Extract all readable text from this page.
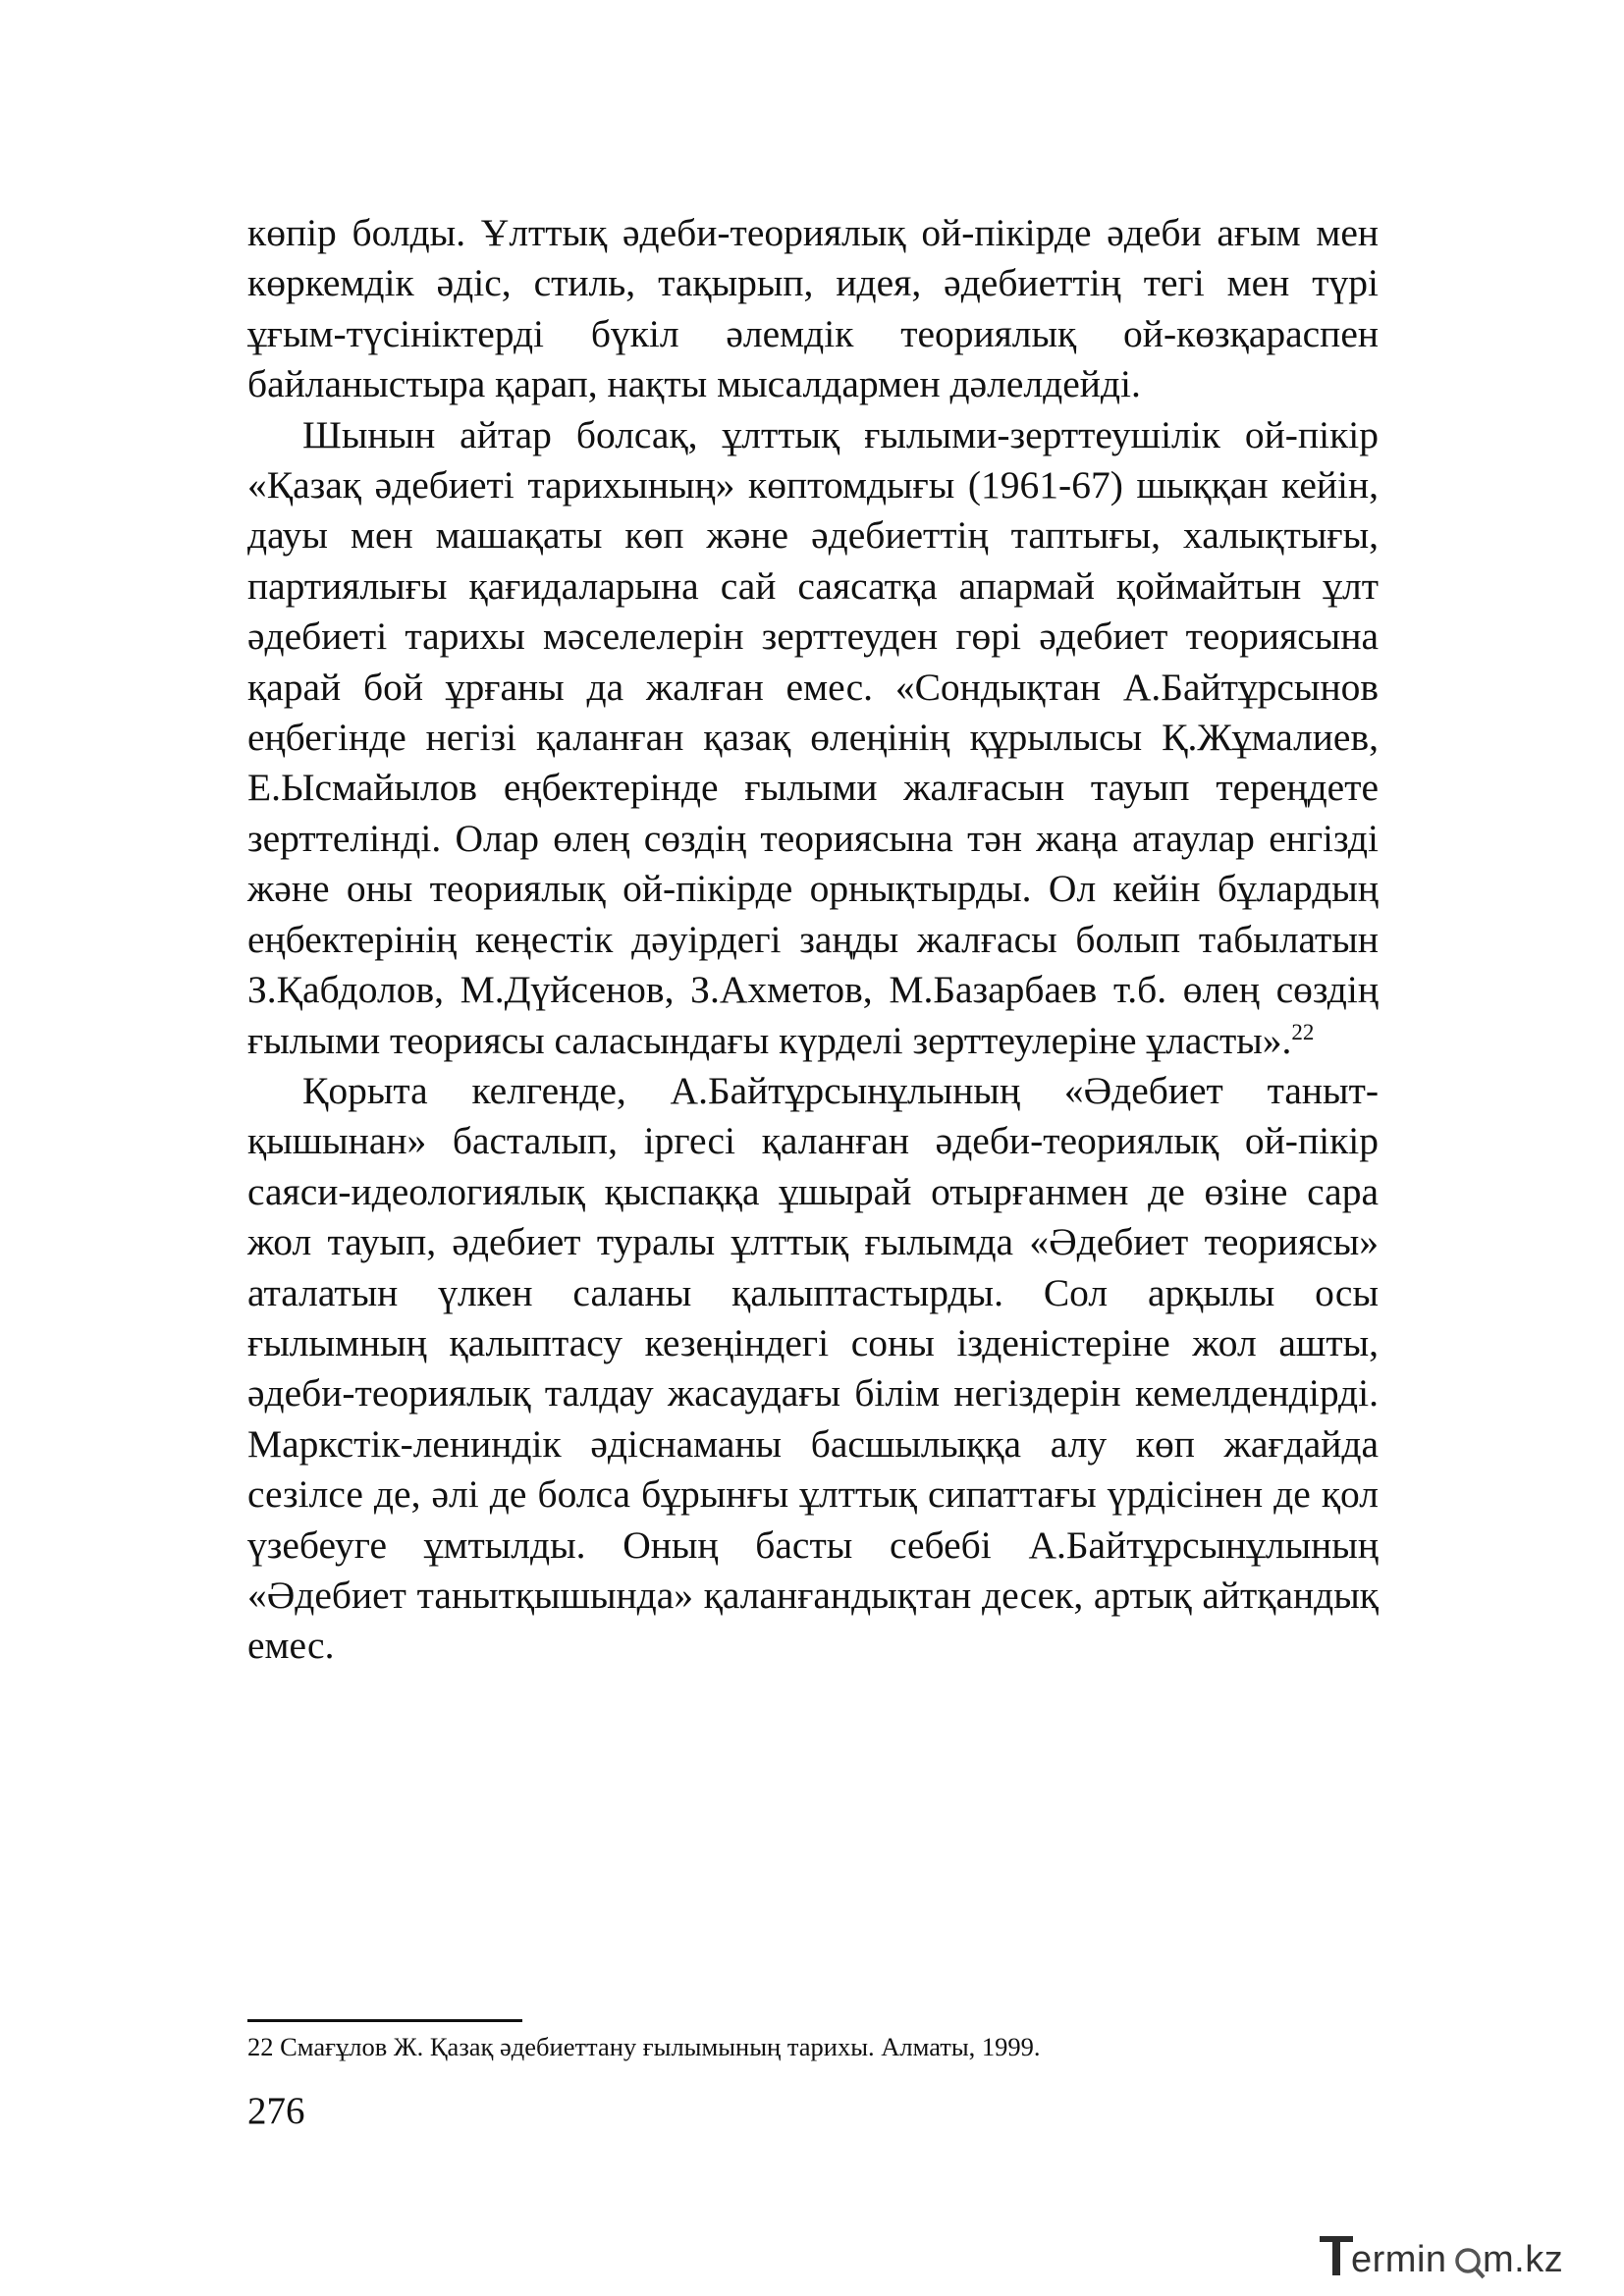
көпір болды. Ұлттық әдеби-теориялық ой-пікірде әдеби ағым мен көркемдік әдіс, стиль, тақырып, идея, әдебиеттің тегі мен түрі ұғым-түсініктерді бүкіл әлемдік теориялық ой-көзқараспен байланыстыра қарап, нақты мысалдармен дәлелдейді.

Шынын айтар болсақ, ұлттық ғылыми-зерттеушілік ой-пікір «Қазақ әдебиеті тарихының» көптомдығы (1961-67) шыққан кейін, дауы мен машақаты көп және әдебиеттің таптығы, халықтығы, партиялығы қағидаларына сай саясатқа апармай қоймайтын ұлт әдебиеті тарихы мәселелерін зерттеуден гөрі әдебиет теориясына қарай бой ұрғаны да жалған емес. «Сондықтан А.Байтұрсынов еңбегінде негізі қаланған қазақ өлеңінің құрылысы Қ.Жұмалиев, Е.Ысмайылов еңбектерінде ғылыми жалғасын тауып тереңдете зерттелінді. Олар өлең сөздің теориясына тән жаңа атаулар енгізді және оны теориялық ой-пікірде орнықтырды. Ол кейін бұлардың еңбектерінің кеңестік дәуірдегі заңды жалғасы болып табылатын З.Қабдолов, М.Дүйсенов, З.Ахметов, М.Базарбаев т.б. өлең сөздің ғылыми теориясы саласындағы күрделі зерттеулеріне ұласты».$^{22}$

Қорыта келгенде, А.Байтұрсынұлының «Әдебиет танытқышынан» басталып, іргесі қаланған әдеби-теориялық ой-пікір саяси-идеологиялық қыспаққа ұшырай отырғанмен де өзіне сара жол тауып, әдебиет туралы ұлттық ғылымда «Әдебиет теориясы» аталатын үлкен саланы қалыптастырды. Сол арқылы осы ғылымның қалыптасу кезеңіндегі соны ізденістеріне жол ашты, әдеби-теориялық талдау жасаудағы білім негіздерін кемелдендірді. Маркстік-лениндік әдіснаманы басшылыққа алу көп жағдайда сезілсе де, әлі де болса бұрынғы ұлттық сипаттағы үрдісінен де қол үзебеуге ұмтылды. Оның басты себебі А.Байтұрсынұлының «Әдебиет танытқышында» қаланғандықтан десек, артық айтқандық емес.

22 Смағұлов Ж. Қазақ әдебиеттану ғылымының тарихы. Алматы, 1999.
276
ermin m.kz
